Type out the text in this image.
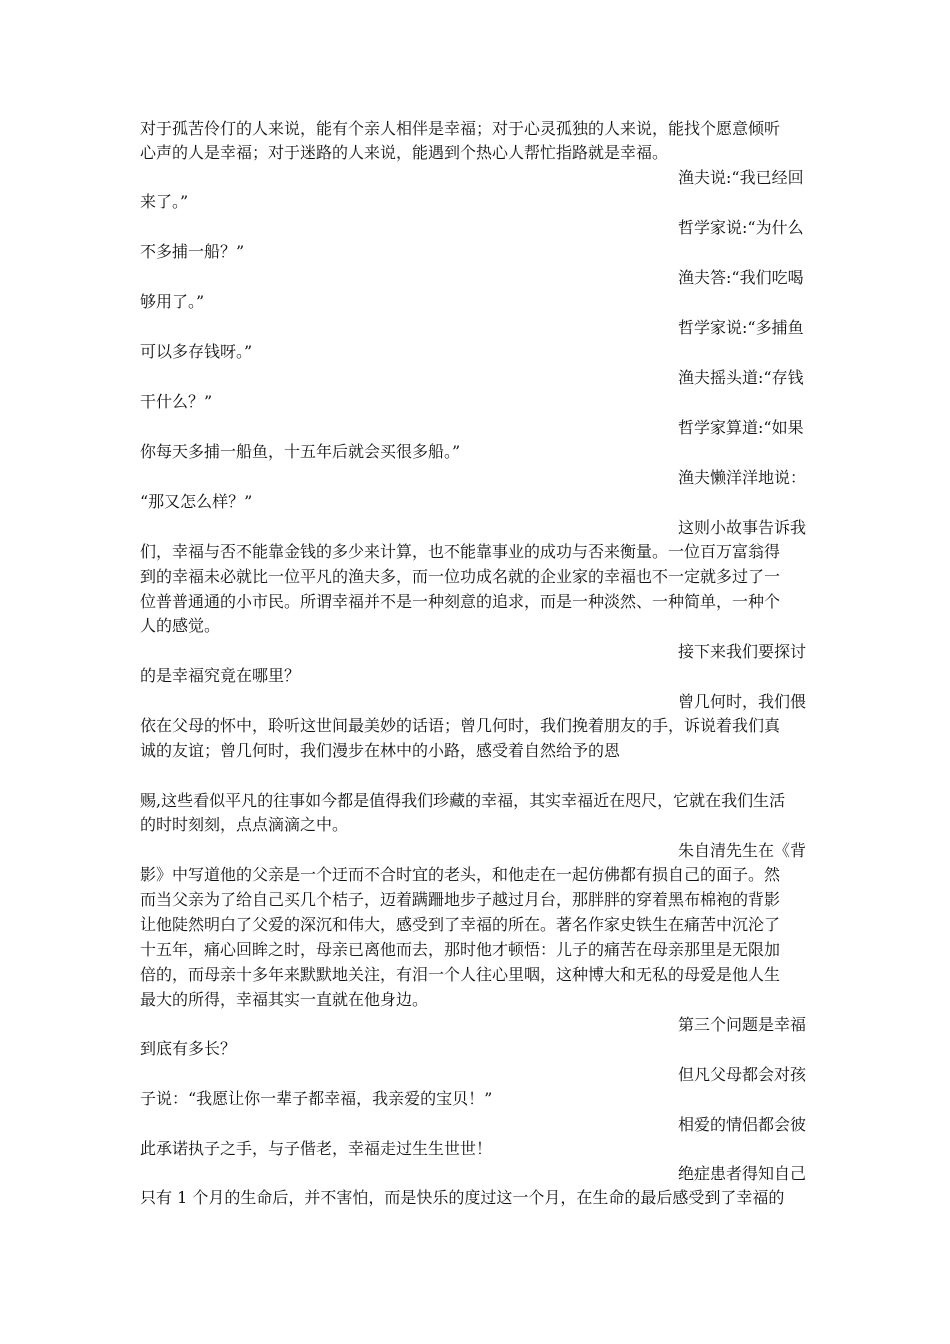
对于孤苦伶仃的人来说，能有个亲人相伴是幸福；对于心灵孤独的人来说，能找个愿意倾听
心声的人是幸福；对于迷路的人来说，能遇到个热心人帮忙指路就是幸福。
渔夫说:“我已经回
来了。”
哲学家说:“为什么
不多捕一船？”
渔夫答:“我们吃喝
够用了。”
哲学家说:“多捕鱼
可以多存钱呀。”
渔夫摇头道:“存钱
干什么？”
哲学家算道:“如果
你每天多捕一船鱼，十五年后就会买很多船。”
渔夫懒洋洋地说：
“那又怎么样？”
这则小故事告诉我
们，幸福与否不能靠金钱的多少来计算，也不能靠事业的成功与否来衡量。一位百万富翁得
到的幸福未必就比一位平凡的渔夫多，而一位功成名就的企业家的幸福也不一定就多过了一
位普普通通的小市民。所谓幸福并不是一种刻意的追求，而是一种淡然、一种简单，一种个
人的感觉。
接下来我们要探讨
的是幸福究竟在哪里？
曾几何时，我们偎
依在父母的怀中，聆听这世间最美妙的话语；曾几何时，我们挽着朋友的手，诉说着我们真
诚的友谊；曾几何时，我们漫步在林中的小路，感受着自然给予的恩
赐,这些看似平凡的往事如今都是值得我们珍藏的幸福，其实幸福近在咫尺，它就在我们生活
的时时刻刻，点点滴滴之中。
朱自清先生在《背
影》中写道他的父亲是一个迂而不合时宜的老头，和他走在一起仿佛都有损自己的面子。然
而当父亲为了给自己买几个桔子，迈着蹒跚地步子越过月台，那胖胖的穿着黑布棉袍的背影
让他陡然明白了父爱的深沉和伟大，感受到了幸福的所在。著名作家史铁生在痛苦中沉沦了
十五年，痛心回眸之时，母亲已离他而去，那时他才顿悟：儿子的痛苦在母亲那里是无限加
倍的，而母亲十多年来默默地关注，有泪一个人往心里咽，这种博大和无私的母爱是他人生
最大的所得，幸福其实一直就在他身边。
第三个问题是幸福
到底有多长？
但凡父母都会对孩
子说：“我愿让你一辈子都幸福，我亲爱的宝贝！”
相爱的情侣都会彼
此承诺执子之手，与子偕老，幸福走过生生世世！
绝症患者得知自己
只有 1 个月的生命后，并不害怕，而是快乐的度过这一个月，在生命的最后感受到了幸福的
